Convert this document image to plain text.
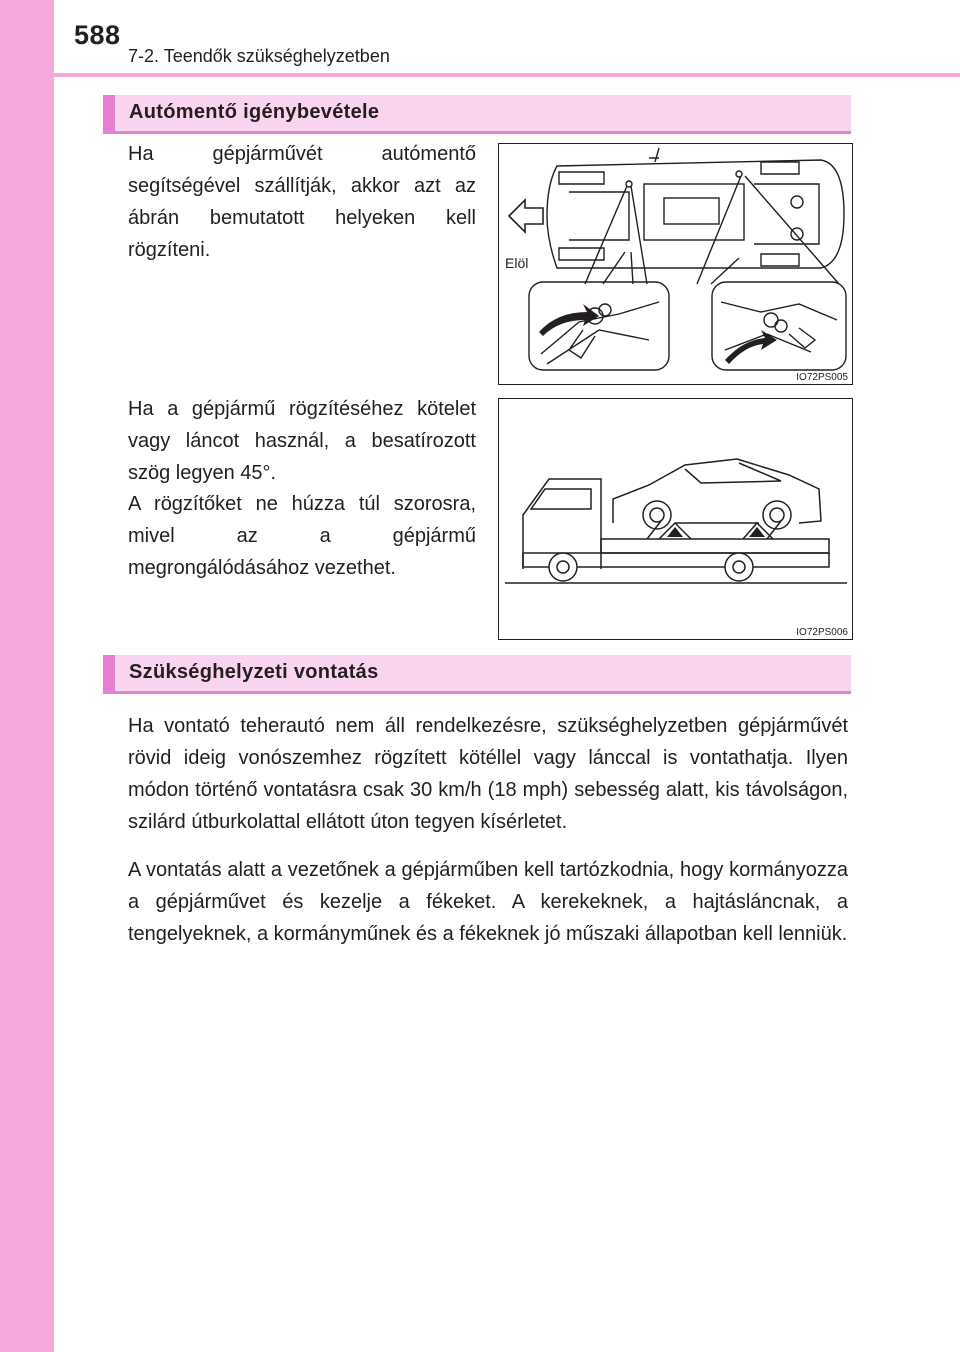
588
7-2. Teendők szükséghelyzetben
Autómentő igénybevétele

Ha gépjárművét autómentő segítségével szállítják, akkor azt az ábrán bemutatott helyeken kell rögzíteni.

Elöl
IO72PS005

Ha a gépjármű rögzítéséhez kötelet vagy láncot használ, a besatírozott szög legyen 45°.

A rögzítőket ne húzza túl szorosra, mivel az a gépjármű megrongálódásához vezethet.

IO72PS006
Szükséghelyzeti vontatás

Ha vontató teherautó nem áll rendelkezésre, szükséghelyzetben gépjárművét rövid ideig vonószemhez rögzített kötéllel vagy lánccal is vontathatja. Ilyen módon történő vontatásra csak 30 km/h (18 mph) sebesség alatt, kis távolságon, szilárd útburkolattal ellátott úton tegyen kísérletet.

A vontatás alatt a vezetőnek a gépjárműben kell tartózkodnia, hogy kormányozza a gépjárművet és kezelje a fékeket. A kerekeknek, a hajtásláncnak, a tengelyeknek, a kormányműnek és a fékeknek jó műszaki állapotban kell lenniük.
